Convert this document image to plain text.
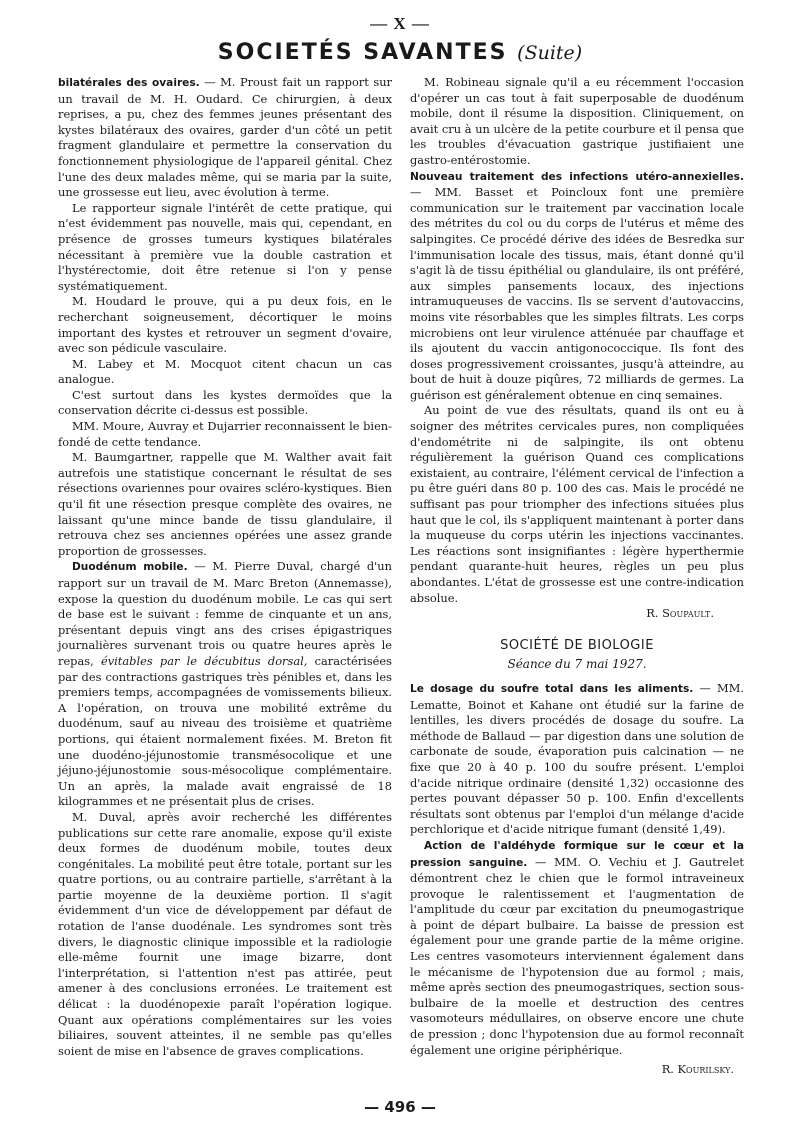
— X —
SOCIETÉS SAVANTES (Suite)

bilatérales des ovaires. — M. Proust fait un rapport sur un travail de M. H. Oudard. Ce chirurgien, à deux reprises, a pu, chez des femmes jeunes présentant des kystes bilatéraux des ovaires, garder d'un côté un petit fragment glandulaire et permettre la conservation du fonctionnement physiologique de l'appareil génital. Chez l'une des deux malades même, qui se maria par la suite, une grossesse eut lieu, avec évolution à terme.

Le rapporteur signale l'intérêt de cette pratique, qui n'est évidemment pas nouvelle, mais qui, cependant, en présence de grosses tumeurs kystiques bilatérales nécessitant à première vue la double castration et l'hystérectomie, doit être retenue si l'on y pense systématiquement.

M. Houdard le prouve, qui a pu deux fois, en le recherchant soigneusement, décortiquer le moins important des kystes et retrouver un segment d'ovaire, avec son pédicule vasculaire.

M. Labey et M. Mocquot citent chacun un cas analogue.

C'est surtout dans les kystes dermoïdes que la conservation décrite ci-dessus est possible.

MM. Moure, Auvray et Dujarrier reconnaissent le bien-fondé de cette tendance.

M. Baumgartner, rappelle que M. Walther avait fait autrefois une statistique concernant le résultat de ses résections ovariennes pour ovaires scléro-kystiques. Bien qu'il fit une résection presque complète des ovaires, ne laissant qu'une mince bande de tissu glandulaire, il retrouva chez ses anciennes opérées une assez grande proportion de grossesses.

Duodénum mobile. — M. Pierre Duval, chargé d'un rapport sur un travail de M. Marc Breton (Annemasse), expose la question du duodénum mobile. Le cas qui sert de base est le suivant : femme de cinquante et un ans, présentant depuis vingt ans des crises épigastriques journalières survenant trois ou quatre heures après le repas, évitables par le décubitus dorsal, caractérisées par des contractions gastriques très pénibles et, dans les premiers temps, accompagnées de vomissements bilieux. A l'opération, on trouva une mobilité extrême du duodénum, sauf au niveau des troisième et quatrième portions, qui étaient normalement fixées. M. Breton fit une duodéno-jéjunostomie transmésocolique et une jéjuno-jéjunostomie sous-mésocolique complémentaire. Un an après, la malade avait engraissé de 18 kilogrammes et ne présentait plus de crises.

M. Duval, après avoir recherché les différentes publications sur cette rare anomalie, expose qu'il existe deux formes de duodénum mobile, toutes deux congénitales. La mobilité peut être totale, portant sur les quatre portions, ou au contraire partielle, s'arrêtant à la partie moyenne de la deuxième portion. Il s'agit évidemment d'un vice de développement par défaut de rotation de l'anse duodénale. Les syndromes sont très divers, le diagnostic clinique impossible et la radiologie elle-même fournit une image bizarre, dont l'interprétation, si l'attention n'est pas attirée, peut amener à des conclusions erronées. Le traitement est délicat : la duodénopexie paraît l'opération logique. Quant aux opérations complémentaires sur les voies biliaires, souvent atteintes, il ne semble pas qu'elles soient de mise en l'absence de graves complications.

M. Robineau signale qu'il a eu récemment l'occasion d'opérer un cas tout à fait superposable de duodénum mobile, dont il résume la disposition. Cliniquement, on avait cru à un ulcère de la petite courbure et il pensa que les troubles d'évacuation gastrique justifiaient une gastro-entérostomie.

Nouveau traitement des infections utéro-annexielles. — MM. Basset et Poincloux font une première communication sur le traitement par vaccination locale des métrites du col ou du corps de l'utérus et même des salpingites. Ce procédé dérive des idées de Besredka sur l'immunisation locale des tissus, mais, étant donné qu'il s'agit là de tissu épithélial ou glandulaire, ils ont préféré, aux simples pansements locaux, des injections intramuqueuses de vaccins. Ils se servent d'autovaccins, moins vite résorbables que les simples filtrats. Les corps microbiens ont leur virulence atténuée par chauffage et ils ajoutent du vaccin antigonococcique. Ils font des doses progressivement croissantes, jusqu'à atteindre, au bout de huit à douze piqûres, 72 milliards de germes. La guérison est généralement obtenue en cinq semaines.

Au point de vue des résultats, quand ils ont eu à soigner des métrites cervicales pures, non compliquées d'endométrite ni de salpingite, ils ont obtenu régulièrement la guérison Quand ces complications existaient, au contraire, l'élément cervical de l'infection a pu être guéri dans 80 p. 100 des cas. Mais le procédé ne suffisant pas pour triompher des infections situées plus haut que le col, ils s'appliquent maintenant à porter dans la muqueuse du corps utérin les injections vaccinantes. Les réactions sont insignifiantes : légère hyperthermie pendant quarante-huit heures, règles un peu plus abondantes. L'état de grossesse est une contre-indication absolue.

R. Soupault.

SOCIÉTÉ DE BIOLOGIE
Séance du 7 mai 1927.

Le dosage du soufre total dans les aliments. — MM. Lematte, Boinot et Kahane ont étudié sur la farine de lentilles, les divers procédés de dosage du soufre. La méthode de Ballaud — par digestion dans une solution de carbonate de soude, évaporation puis calcination — ne fixe que 20 à 40 p. 100 du soufre présent. L'emploi d'acide nitrique ordinaire (densité 1,32) occasionne des pertes pouvant dépasser 50 p. 100. Enfin d'excellents résultats sont obtenus par l'emploi d'un mélange d'acide perchlorique et d'acide nitrique fumant (densité 1,49).

Action de l'aldéhyde formique sur le cœur et la pression sanguine. — MM. O. Vechiu et J. Gautrelet démontrent chez le chien que le formol intraveineux provoque le ralentissement et l'augmentation de l'amplitude du cœur par excitation du pneumogastrique à point de départ bulbaire. La baisse de pression est également pour une grande partie de la même origine. Les centres vasomoteurs interviennent également dans le mécanisme de l'hypotension due au formol ; mais, même après section des pneumogastriques, section sous-bulbaire de la moelle et destruction des centres vasomoteurs médullaires, on observe encore une chute de pression ; donc l'hypotension due au formol reconnaît également une origine périphérique.

R. Kourilsky.

— 496 —
